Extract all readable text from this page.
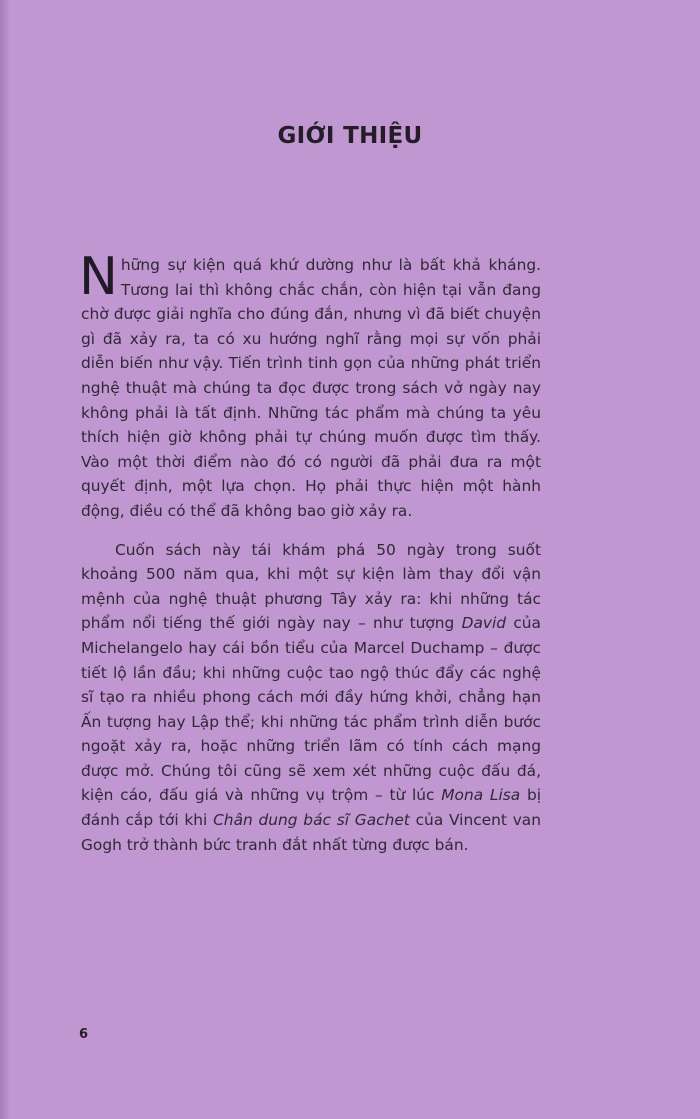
GIỚI THIỆU

Những sự kiện quá khứ dường như là bất khả kháng. Tương lai thì không chắc chắn, còn hiện tại vẫn đang chờ được giải nghĩa cho đúng đắn, nhưng vì đã biết chuyện gì đã xảy ra, ta có xu hướng nghĩ rằng mọi sự vốn phải diễn biến như vậy. Tiến trình tinh gọn của những phát triển nghệ thuật mà chúng ta đọc được trong sách vở ngày nay không phải là tất định. Những tác phẩm mà chúng ta yêu thích hiện giờ không phải tự chúng muốn được tìm thấy. Vào một thời điểm nào đó có người đã phải đưa ra một quyết định, một lựa chọn. Họ phải thực hiện một hành động, điều có thể đã không bao giờ xảy ra.

Cuốn sách này tái khám phá 50 ngày trong suốt khoảng 500 năm qua, khi một sự kiện làm thay đổi vận mệnh của nghệ thuật phương Tây xảy ra: khi những tác phẩm nổi tiếng thế giới ngày nay – như tượng David của Michelangelo hay cái bồn tiểu của Marcel Duchamp – được tiết lộ lần đầu; khi những cuộc tao ngộ thúc đẩy các nghệ sĩ tạo ra nhiều phong cách mới đầy hứng khởi, chẳng hạn Ấn tượng hay Lập thể; khi những tác phẩm trình diễn bước ngoặt xảy ra, hoặc những triển lãm có tính cách mạng được mở. Chúng tôi cũng sẽ xem xét những cuộc đấu đá, kiện cáo, đấu giá và những vụ trộm – từ lúc Mona Lisa bị đánh cắp tới khi Chân dung bác sĩ Gachet của Vincent van Gogh trở thành bức tranh đắt nhất từng được bán.

6
